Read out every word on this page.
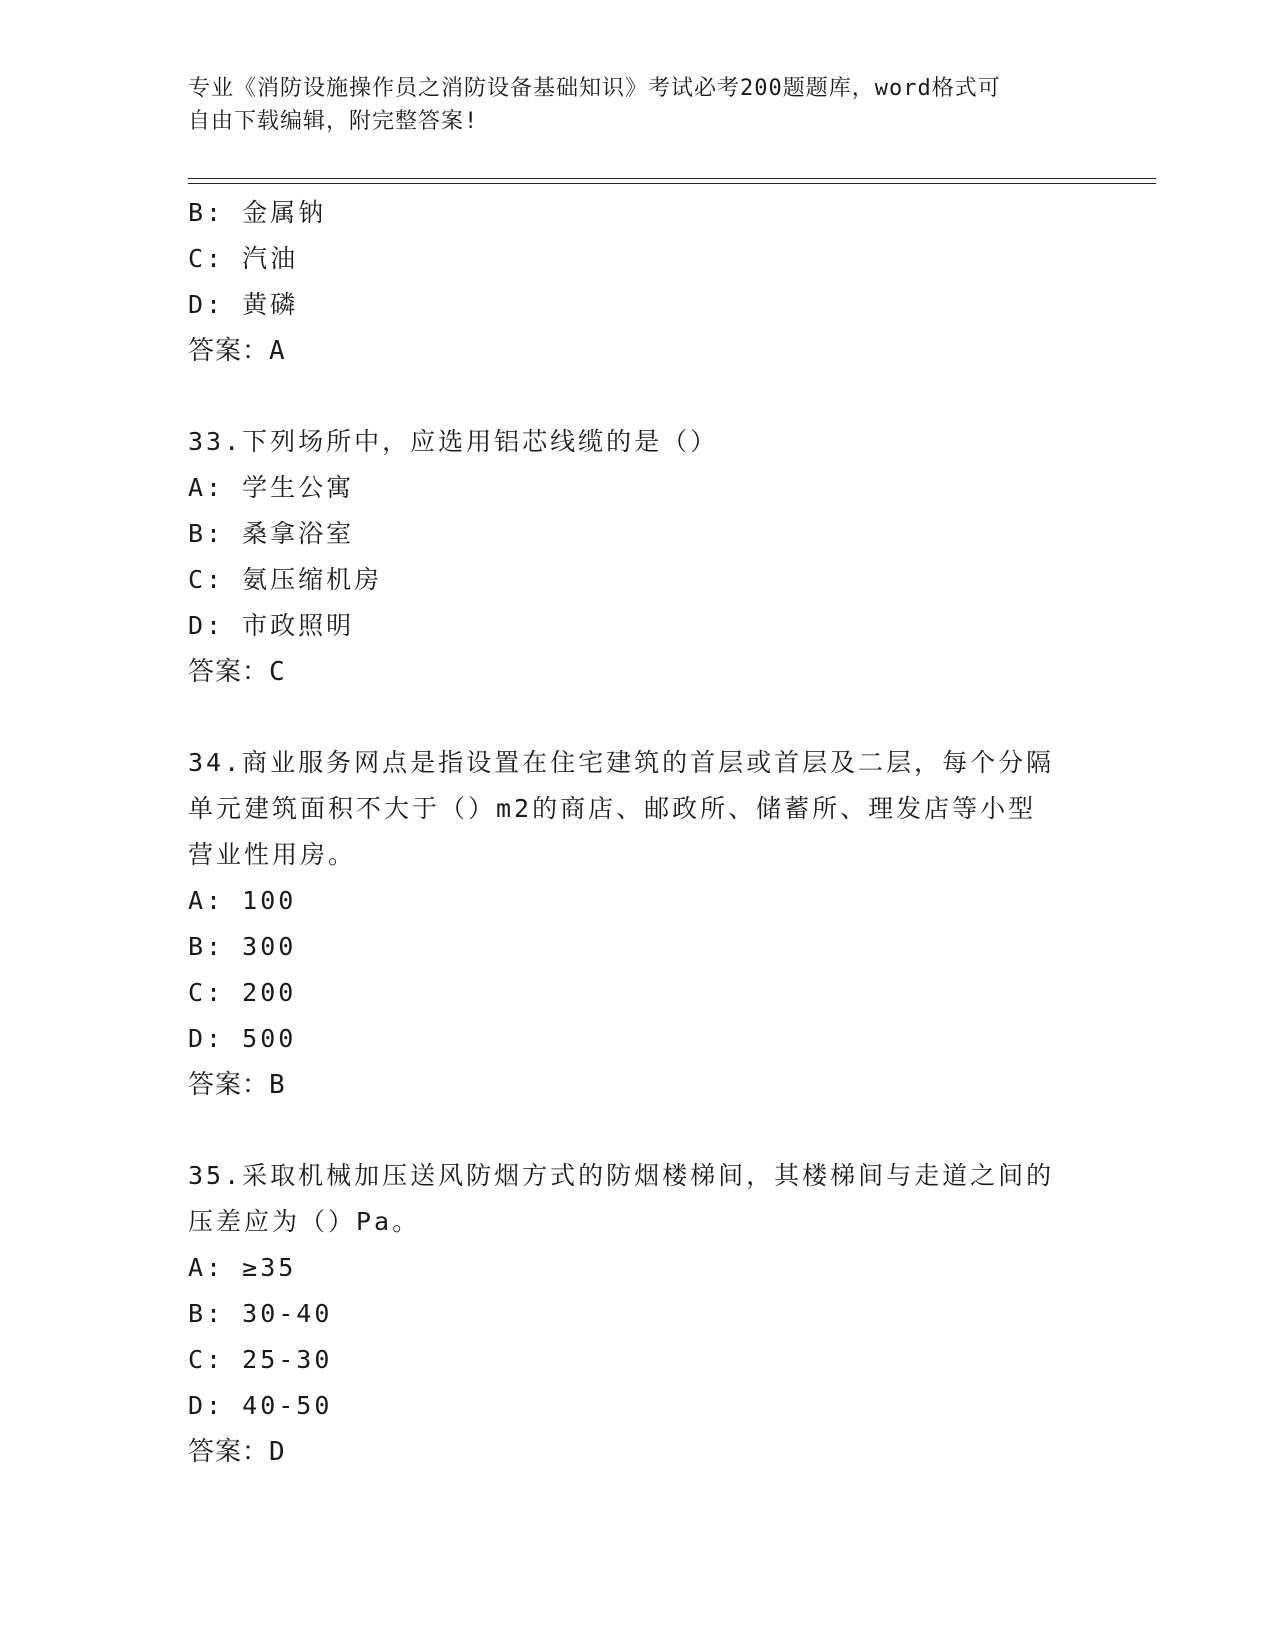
专业《消防设施操作员之消防设备基础知识》考试必考200题题库，word格式可
自由下载编辑，附完整答案!
B: 金属钠
C: 汽油
D: 黄磷
答案：A
33.下列场所中，应选用铝芯线缆的是（）
A: 学生公寓
B: 桑拿浴室
C: 氨压缩机房
D: 市政照明
答案：C
34.商业服务网点是指设置在住宅建筑的首层或首层及二层，每个分隔
单元建筑面积不大于（）m2的商店、邮政所、储蓄所、理发店等小型
营业性用房。
A: 100
B: 300
C: 200
D: 500
答案：B
35.采取机械加压送风防烟方式的防烟楼梯间，其楼梯间与走道之间的
压差应为（）Pa。
A: ≥35
B: 30-40
C: 25-30
D: 40-50
答案：D
